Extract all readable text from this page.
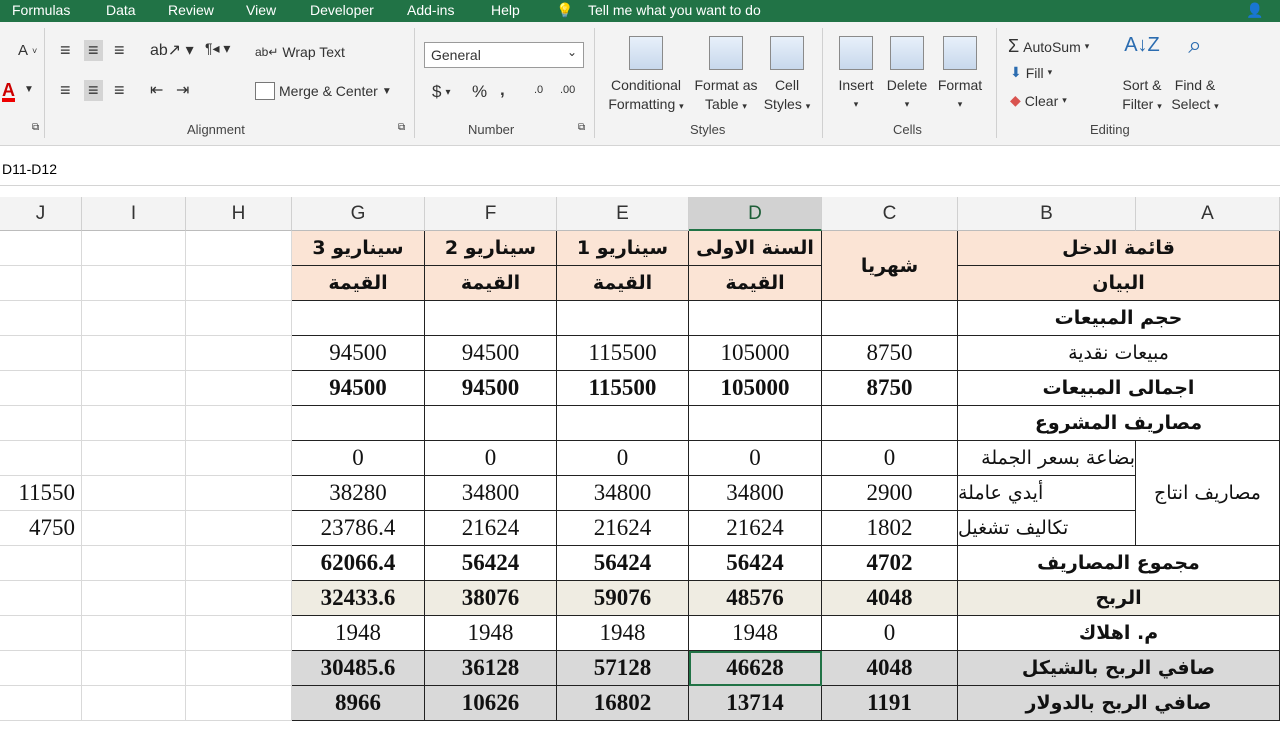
Formulas	Data Review View Developer Add-ins	Help	💡 Tell me what you want to do	👤
A ˅
A ▼
⧉
≡ ≡ ≡ ab↗ ▾ ¶◂ ▾ ab↵ Wrap Text
≡ ≡ ≡ ⇤ ⇥	Merge & Center ▼
Alignment	⧉
General	⌄
$ ▾ % ,	.0 .00
Number	⧉
Conditional
Formatting ▾
Format as
Table ▾
Cell
Styles ▾
Styles
Insert
▾
Delete
▾
Format
▾
Cells
Σ AutoSum ▾
⬇ Fill ▾
◆ Clear ▾
A↓Z
Sort &
Filter ▾
⌕
Find &
Select ▾
Editing
D11-D12
J	I	H	G	F	E	D	C	B	A
11550
4750
سيناريو 3	سيناريو 2	سيناريو 1	السنة الاولى
شهريا
قائمة الدخل
القيمة	القيمة	القيمة	القيمة	البيان
حجم المبيعات
94500	94500	115500	105000	8750	مبيعات نقدية
94500	94500	115500	105000	8750	اجمالى المبيعات
مصاريف المشروع
0	0	0	0	0	بضاعة بسعر الجملة
38280	34800	34800	34800	2900	أيدي عاملة
23786.4	21624	21624	21624	1802	تكاليف تشغيل
مصاريف انتاج
62066.4	56424	56424	56424	4702	مجموع المصاريف
32433.6	38076	59076	48576	4048	الربح
1948	1948	1948	1948	0	م. اهلاك
30485.6	36128	57128	46628	4048	صافي الربح بالشيكل
8966	10626	16802	13714	1191	صافي الربح بالدولار
